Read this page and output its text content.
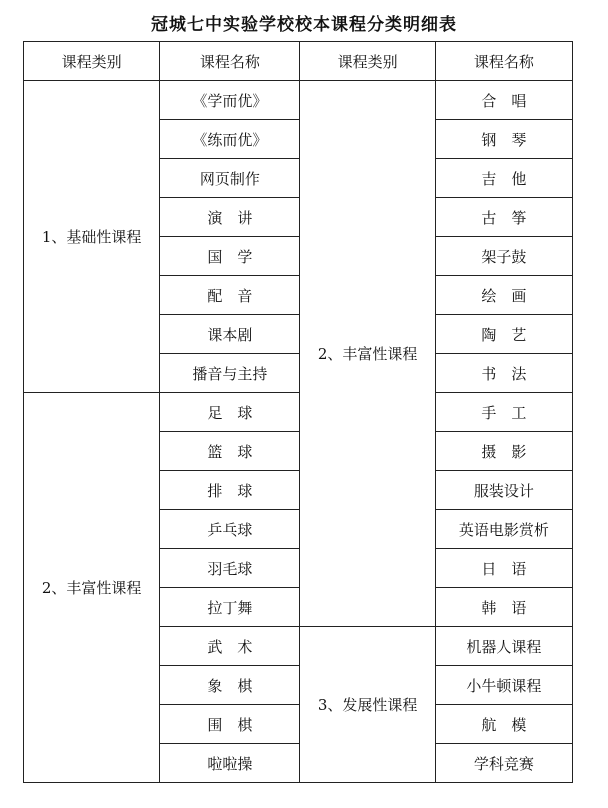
冠城七中实验学校校本课程分类明细表
课程类别	课程名称	课程类别	课程名称
1、基础性课程	《学而优》	2、丰富性课程	合　唱
	《练而优》		钢　琴
	网页制作		吉　他
	演　讲		古　筝
	国　学		架子鼓
	配　音		绘　画
	课本剧		陶　艺
	播音与主持		书　法
2、丰富性课程	足　球		手　工
	篮　球		摄　影
	排　球		服装设计
	乒乓球		英语电影赏析
	羽毛球		日　语
	拉丁舞		韩　语
	武　术	3、发展性课程	机器人课程
	象　棋		小牛顿课程
	围　棋		航　模
	啦啦操		学科竞赛
